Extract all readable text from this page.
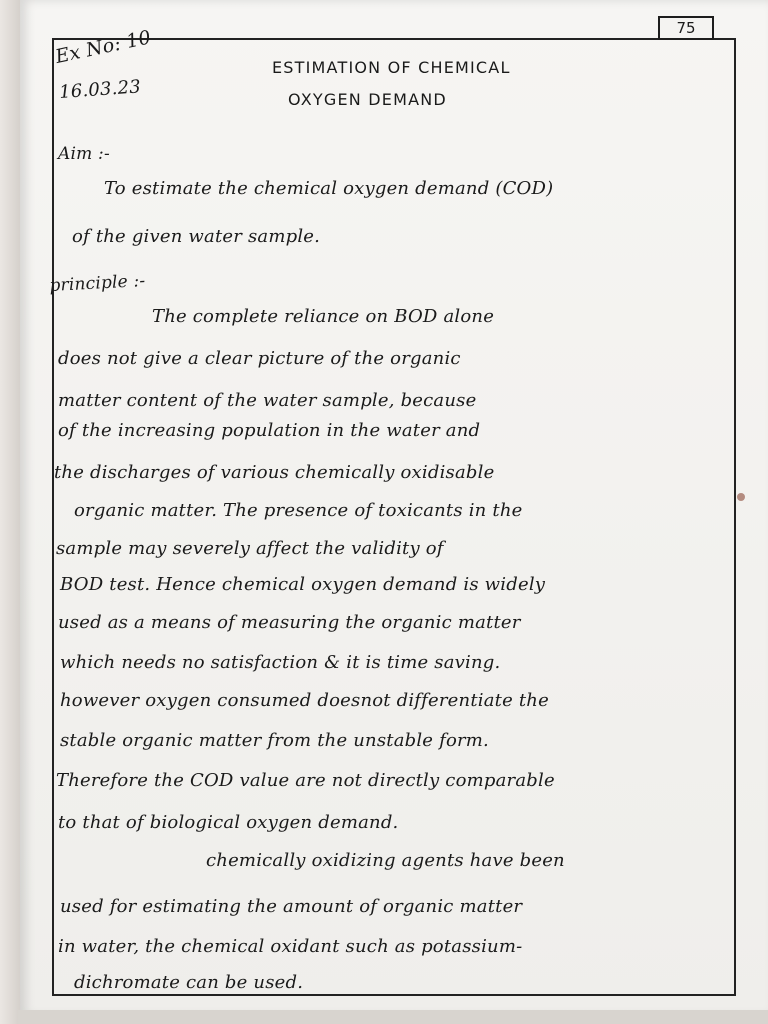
75
Ex No: 10
16.03.23
ESTIMATION OF CHEMICAL
OXYGEN DEMAND
Aim :-
To estimate the chemical oxygen demand (COD)
of the given water sample.
principle :-
The complete reliance on BOD alone
does not give a clear picture of the organic
matter content of the water sample, because
of the increasing population in the water and
the discharges of various chemically oxidisable
organic matter. The presence of toxicants in the
sample may severely affect the validity of
BOD test. Hence chemical oxygen demand is widely
used as a means of measuring the organic matter
which needs no satisfaction & it is time saving.
however oxygen consumed doesnot differentiate the
stable organic matter from the unstable form.
Therefore the COD value are not directly comparable
to that of biological oxygen demand.
chemically oxidizing agents have been
used for estimating the amount of organic matter
in water, the chemical oxidant such as potassium-
dichromate can be used.
